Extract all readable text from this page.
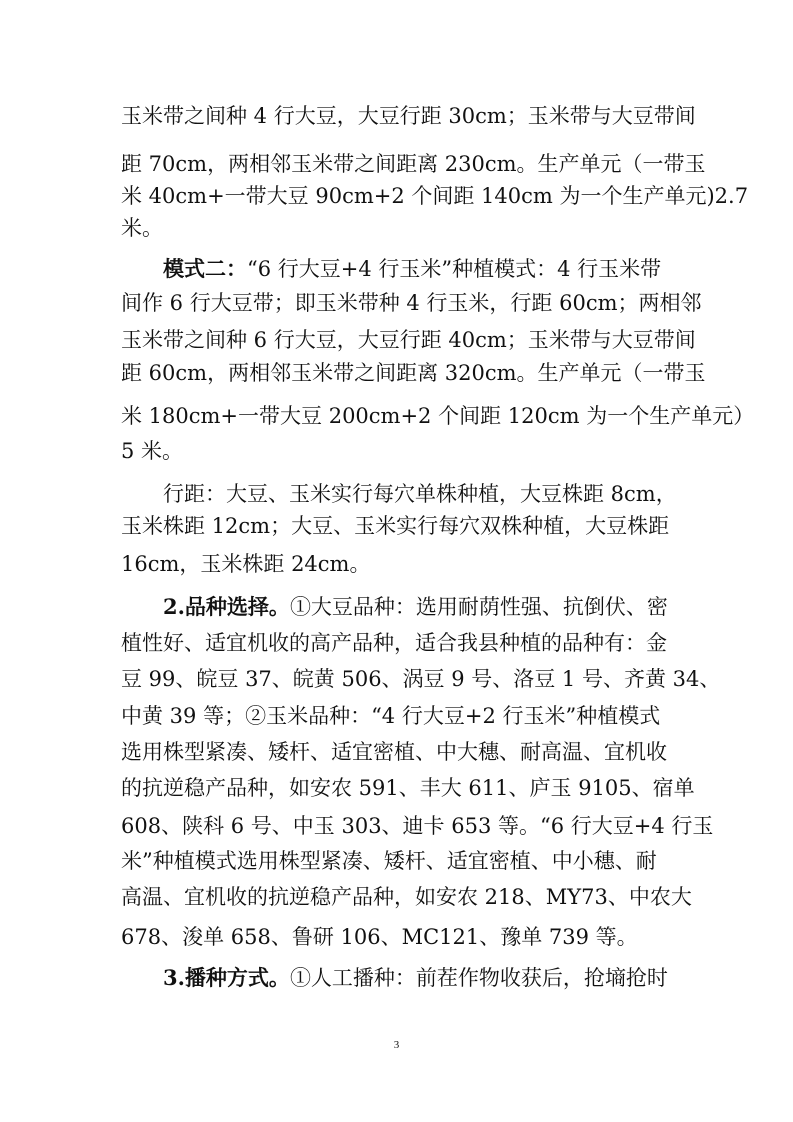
玉米带之间种 4 行大豆，大豆行距 30cm；玉米带与大豆带间
距 70cm，两相邻玉米带之间距离 230cm。生产单元（一带玉
米 40cm+一带大豆 90cm+2 个间距 140cm 为一个生产单元)2.7
米。
模式二：“6 行大豆+4 行玉米”种植模式：4 行玉米带
间作 6 行大豆带；即玉米带种 4 行玉米，行距 60cm；两相邻
玉米带之间种 6 行大豆，大豆行距 40cm；玉米带与大豆带间
距 60cm，两相邻玉米带之间距离 320cm。生产单元（一带玉
米 180cm+一带大豆 200cm+2 个间距 120cm 为一个生产单元）
5 米。
行距：大豆、玉米实行每穴单株种植，大豆株距 8cm，
玉米株距 12cm；大豆、玉米实行每穴双株种植，大豆株距
16cm，玉米株距 24cm。
2.品种选择。①大豆品种：选用耐荫性强、抗倒伏、密
植性好、适宜机收的高产品种，适合我县种植的品种有：金
豆 99、皖豆 37、皖黄 506、涡豆 9 号、洛豆 1 号、齐黄 34、
中黄 39 等；②玉米品种：“4 行大豆+2 行玉米”种植模式
选用株型紧凑、矮杆、适宜密植、中大穗、耐高温、宜机收
的抗逆稳产品种，如安农 591、丰大 611、庐玉 9105、宿单
608、陕科 6 号、中玉 303、迪卡 653 等。“6 行大豆+4 行玉
米”种植模式选用株型紧凑、矮杆、适宜密植、中小穗、耐
高温、宜机收的抗逆稳产品种，如安农 218、MY73、中农大
678、浚单 658、鲁研 106、MC121、豫单 739 等。
3.播种方式。①人工播种：前茬作物收获后，抢墒抢时
3
